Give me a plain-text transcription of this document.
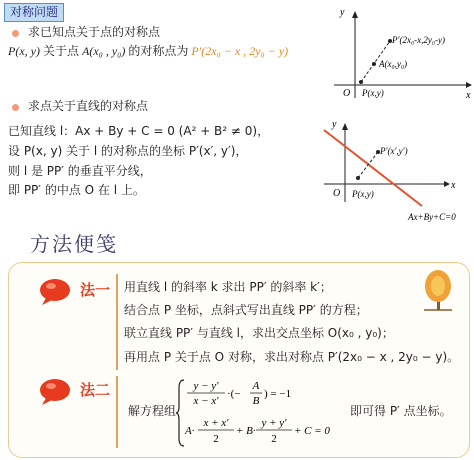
对称问题
求已知点关于点的对称点
P(x, y) 关于点 A(x₀ , y₀) 的对称点为 P′(2x₀ − x , 2y₀ − y)
y
x
O P(x,y)
A(x₀,y₀)
P′(2x₀-x,2y₀-y)
求点关于直线的对称点
已知直线 l：Ax + By + C = 0 (A² + B² ≠ 0)，
设 P(x, y) 关于 l 的对称点的坐标 P′(x′, y′)，
则 l 是 PP′ 的垂直平分线，
即 PP′ 的中点 O 在 l 上。
y
x
O P(x,y)
P′(x′,y′)
Ax+By+C=0
方法便笺
法一 用直线 l 的斜率 k 求出 PP′ 的斜率 k′；
结合点 P 坐标，点斜式写出直线 PP′ 的方程；
联立直线 PP′ 与直线 l，求出交点坐标 O(x₀ , y₀)；
再用点 P 关于点 O 对称，求出对称点 P′(2x₀ − x , 2y₀ − y)。
法二
解方程组
y − y′
x − x′
·(−
A
B
) = −1
A·
x + x′
2
+ B·
y + y′
2
+ C = 0
即可得 P′ 点坐标。
